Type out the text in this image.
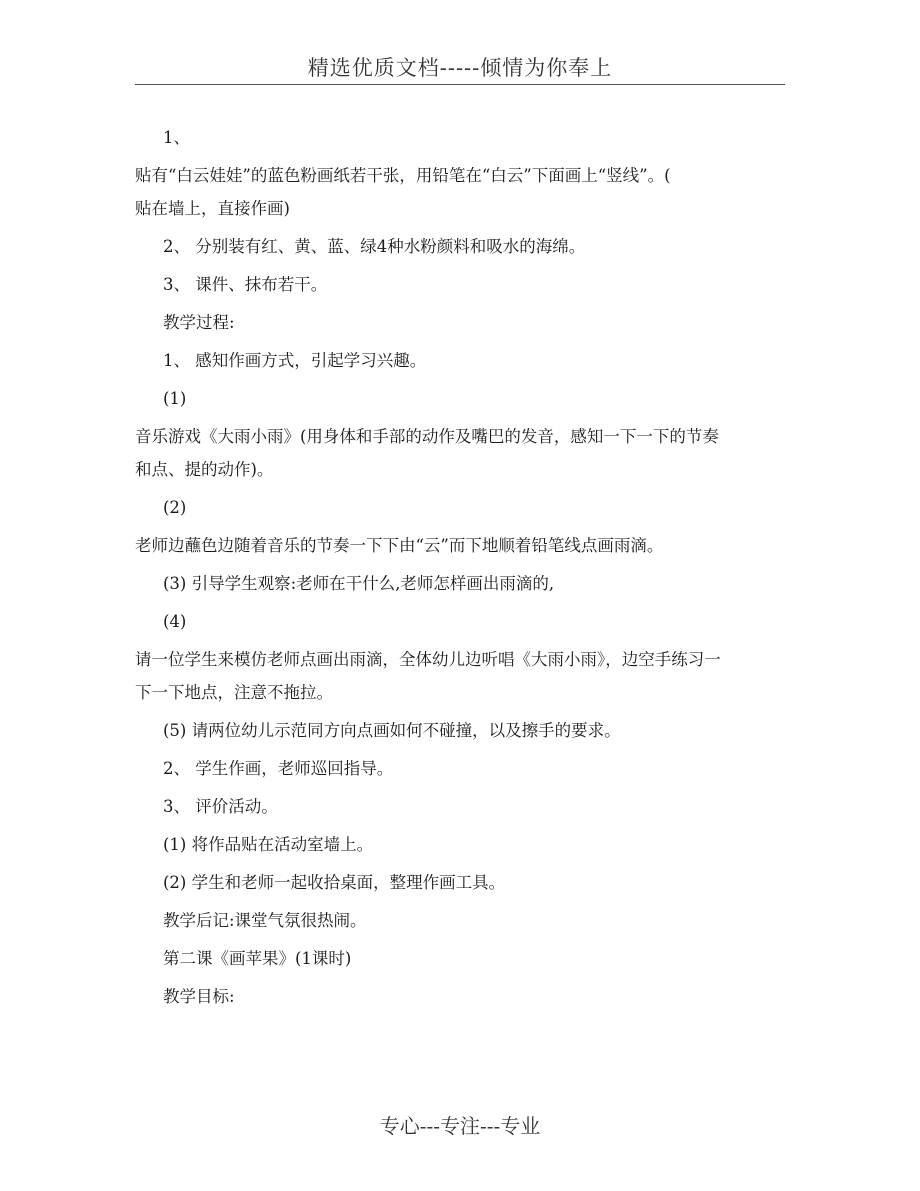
精选优质文档-----倾情为你奉上
1、
贴有“白云娃娃”的蓝色粉画纸若干张，用铅笔在“白云”下面画上“竖线”。(
贴在墙上，直接作画)
2、 分别装有红、黄、蓝、绿4种水粉颜料和吸水的海绵。
3、 课件、抹布若干。
教学过程:
1、 感知作画方式，引起学习兴趣。
(1)
音乐游戏《大雨小雨》(用身体和手部的动作及嘴巴的发音，感知一下一下的节奏
和点、提的动作)。
(2)
老师边蘸色边随着音乐的节奏一下下由“云”而下地顺着铅笔线点画雨滴。
(3) 引导学生观察:老师在干什么,老师怎样画出雨滴的,
(4)
请一位学生来模仿老师点画出雨滴，全体幼儿边听唱《大雨小雨》，边空手练习一
下一下地点，注意不拖拉。
(5) 请两位幼儿示范同方向点画如何不碰撞，以及擦手的要求。
2、 学生作画，老师巡回指导。
3、 评价活动。
(1) 将作品贴在活动室墙上。
(2) 学生和老师一起收拾桌面，整理作画工具。
教学后记:课堂气氛很热闹。
第二课《画苹果》(1课时)
教学目标:
专心---专注---专业
